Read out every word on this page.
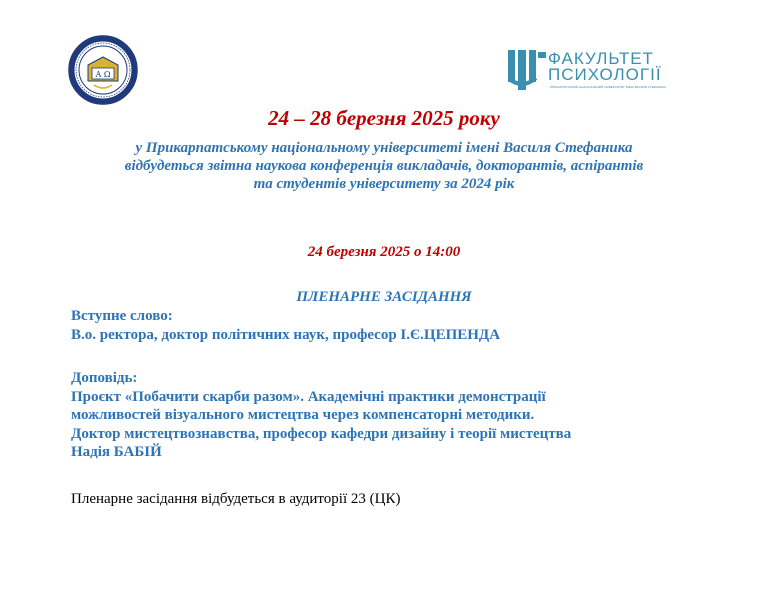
A Ω
ФАКУЛЬТЕТ
ПСИХОЛОГІЇ
ПРИКАРПАТСЬКИЙ НАЦІОНАЛЬНИЙ УНІВЕРСИТЕТ ІМЕНІ ВАСИЛЯ СТЕФАНИКА
24 – 28 березня 2025 року
у Прикарпатському національному університеті імені Василя Стефаника
відбудеться звітна наукова конференція викладачів, докторантів, аспірантів
та студентів університету за 2024 рік
24 березня 2025 о 14:00
ПЛЕНАРНЕ ЗАСІДАННЯ
Вступне слово:
В.о. ректора, доктор політичних наук, професор І.Є.ЦЕПЕНДА
Доповідь:
Проєкт «Побачити скарби разом». Академічні практики демонстрації
можливостей візуального мистецтва через компенсаторні методики.
Доктор мистецтвознавства, професор кафедри дизайну і теорії мистецтва
Надія БАБІЙ
Пленарне засідання відбудеться в аудиторії 23 (ЦК)
